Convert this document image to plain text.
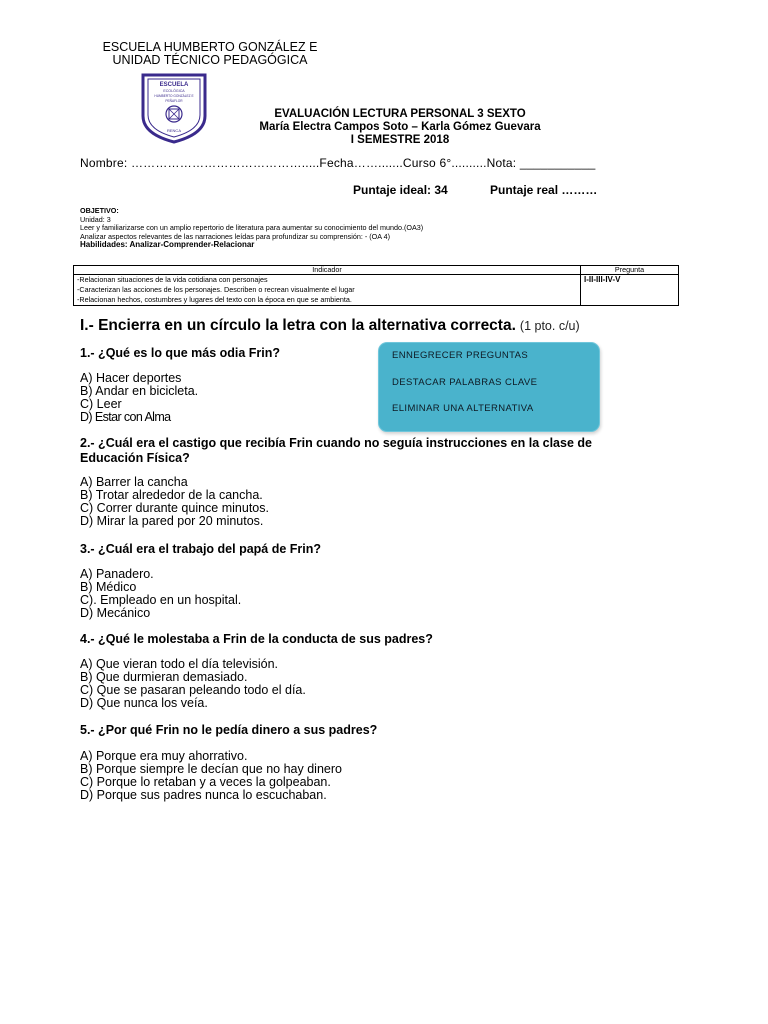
ESCUELA HUMBERTO GONZÁLEZ E
UNIDAD TÉCNICO PEDAGÓGICA
ESCUELA
ECOLÓGICA
HUMBERTO GONZÁLEZ E
PEÑAFLOR
RENCA
EVALUACIÓN LECTURA PERSONAL 3 SEXTO
María Electra Campos Soto – Karla Gómez Guevara
I SEMESTRE 2018
Nombre: …………………………………….....Fecha…….......Curso 6°..........Nota: ___________
Puntaje ideal: 34	Puntaje real ………
OBJETIVO:
Unidad: 3
Leer y familiarizarse con un amplio repertorio de literatura para aumentar su conocimiento del mundo.(OA3)
Analizar aspectos relevantes de las narraciones leídas para profundizar su comprensión: - (OA 4)
Habilidades: Analizar-Comprender-Relacionar
Indicador	Pregunta

-Relacionan situaciones de la vida cotidiana con personajes
-Caracterizan las acciones de los personajes. Describen o recrean visualmente el lugar
-Relacionan hechos, costumbres y lugares del texto con la época en que se ambienta.	I-II-III-IV-V
I.- Encierra en un círculo la letra con la alternativa correcta. (1 pto. c/u)
ENNEGRECER PREGUNTAS
DESTACAR PALABRAS CLAVE
ELIMINAR UNA ALTERNATIVA
1.- ¿Qué es lo que más odia Frin?
A) Hacer deportes
B) Andar en bicicleta.
C) Leer
D) Estar con Alma
2.- ¿Cuál era el castigo que recibía Frin cuando no seguía instrucciones en la clase de
Educación Física?
A) Barrer la cancha
B) Trotar alrededor de la cancha.
C) Correr durante quince minutos.
D) Mirar la pared por 20 minutos.
3.- ¿Cuál era el trabajo del papá de Frin?
A) Panadero.
B) Médico
C). Empleado en un hospital.
D) Mecánico
4.- ¿Qué le molestaba a Frin de la conducta de sus padres?
A) Que vieran todo el día televisión.
B) Que durmieran demasiado.
C) Que se pasaran peleando todo el día.
D) Que nunca los veía.
5.- ¿Por qué Frin no le pedía dinero a sus padres?
A) Porque era muy ahorrativo.
B) Porque siempre le decían que no hay dinero
C) Porque lo retaban y a veces la golpeaban.
D) Porque sus padres nunca lo escuchaban.
